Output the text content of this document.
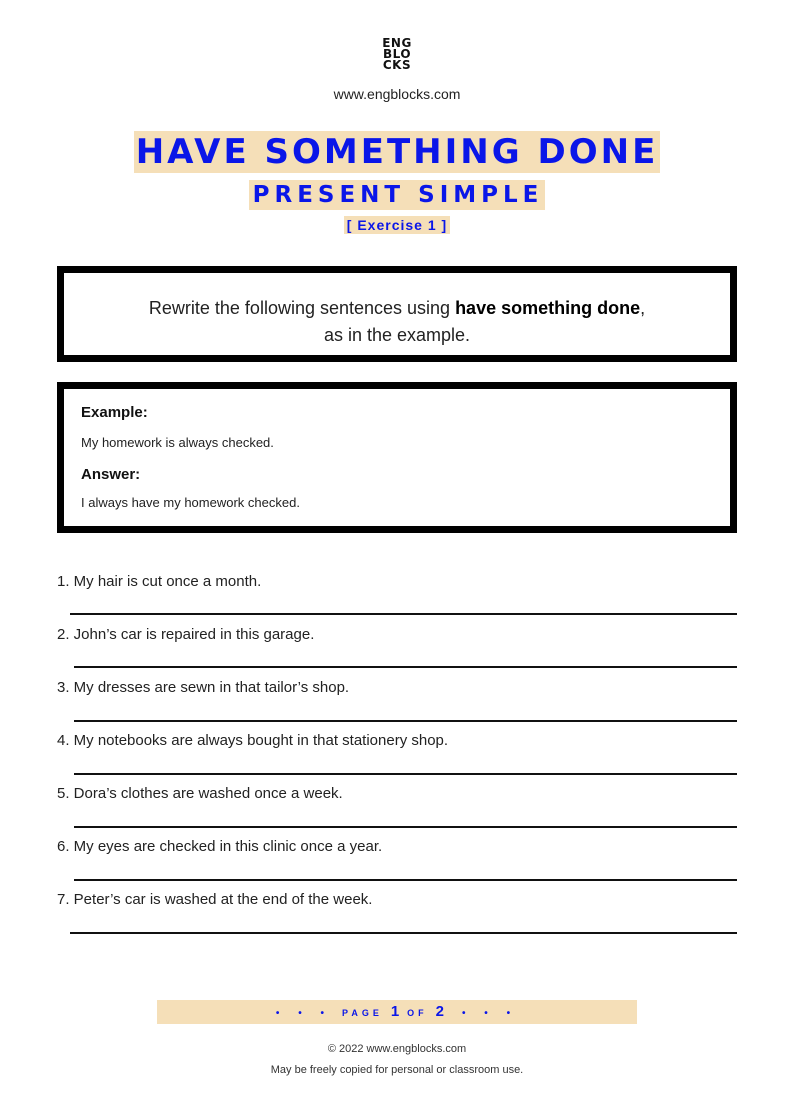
ENG
BLO
CKS
www.engblocks.com
HAVE SOMETHING DONE
PRESENT SIMPLE
[ Exercise 1 ]
Rewrite the following sentences using have something done,
as in the example.
Example:
My homework is always checked.
Answer:
I always have my homework checked.
1. My hair is cut once a month.
2. John’s car is repaired in this garage.
3. My dresses are sewn in that tailor’s shop.
4. My notebooks are always bought in that stationery shop.
5. Dora’s clothes are washed once a week.
6. My eyes are checked in this clinic once a year.
7. Peter’s car is washed at the end of the week.
• • • PAGE 1 OF 2 • • •
© 2022 www.engblocks.com
May be freely copied for personal or classroom use.
